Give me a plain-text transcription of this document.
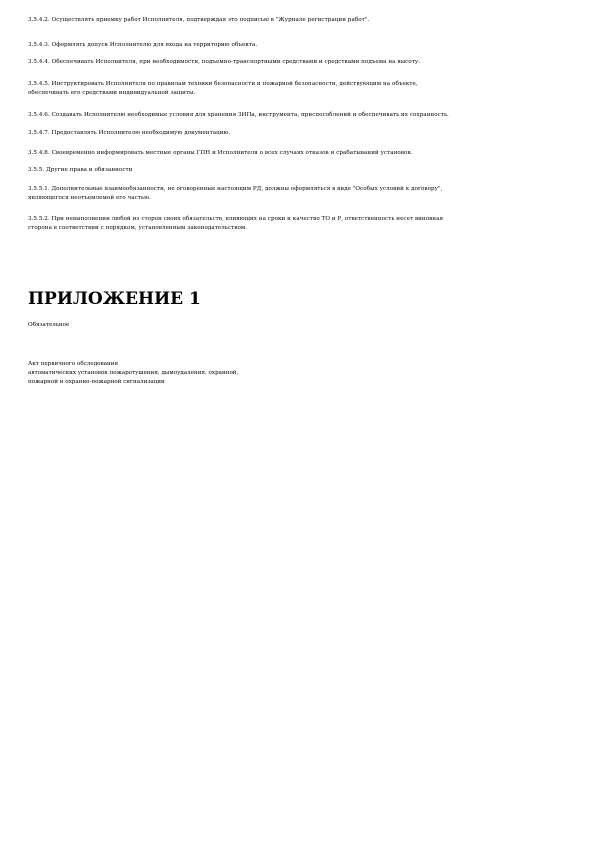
3.5.4.2. Осуществлять приемку работ Исполнителя, подтверждая это подписью в "Журнале регистрации работ".

3.5.4.3. Оформлять допуск Исполнителю для входа на территорию объекта.

3.5.4.4. Обеспечивать Исполнителя, при необходимости, подъемно-транспортными средствами и средствами подъема на высоту.

3.5.4.5. Инструктировать Исполнителя по правилам техники безопасности и пожарной безопасности, действующим на объекте,
обеспечивать его средствами индивидуальной защиты.

3.5.4.6. Создавать Исполнителю необходимые условия для хранения ЗИПа, инструмента, приспособлений и обеспечивать их сохранность.

3.5.4.7. Предоставлять Исполнителю необходимую документацию.

3.5.4.8. Своевременно информировать местные органы ГПН и Исполнителя о всех случаях отказов и срабатываний установок.

3.5.5. Другие права и обязанности

3.5.5.1. Дополнительные взаимообязанности, не оговоренные настоящим РД, должны оформляться в виде "Особых условий к договору",
являющегося неотъемлемой его частью.

3.5.5.2. При невыполнении любой из сторон своих обязательств, влияющих на сроки и качество ТО и Р, ответственность несет виновная
сторона в соответствии с порядком, установленным законодательством.

ПРИЛОЖЕНИЕ 1
Обязательное
Акт первичного обследования
автоматических установок пожаротушения, дымоудаления, охранной,
пожарной и охранно-пожарной сигнализации
